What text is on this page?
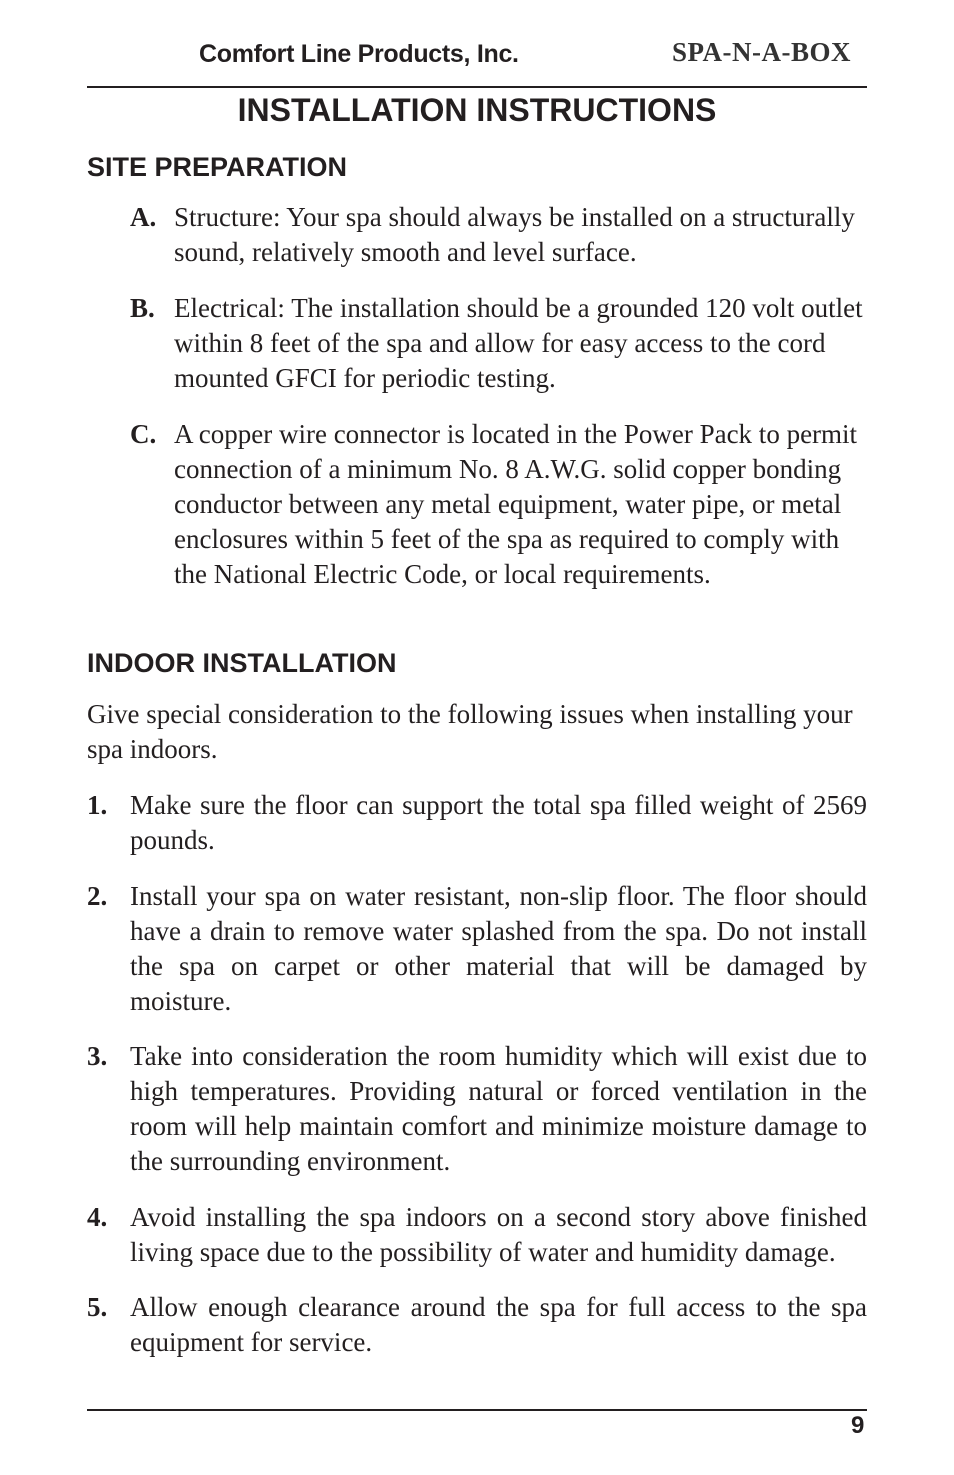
Comfort Line Products, Inc.	SPA-N-A-BOX
INSTALLATION INSTRUCTIONS
SITE PREPARATION
A. Structure: Your spa should always be installed on a structurally sound, relatively smooth and level surface.
B. Electrical: The installation should be a grounded 120 volt outlet within 8 feet of the spa and allow for easy access to the cord mounted GFCI for periodic testing.
C. A copper wire connector is located in the Power Pack to permit connection of a minimum No. 8 A.W.G. solid copper bonding conductor between any metal equipment, water pipe, or metal enclosures within 5 feet of the spa as required to comply with the National Electric Code, or local requirements.
INDOOR INSTALLATION
Give special consideration to the following issues when installing your spa indoors.
1. Make sure the floor can support the total spa filled weight of 2569 pounds.
2. Install your spa on water resistant, non-slip floor. The floor should have a drain to remove water splashed from the spa. Do not install the spa on carpet or other material that will be damaged by moisture.
3. Take into consideration the room humidity which will exist due to high temperatures. Providing natural or forced ventilation in the room will help maintain comfort and minimize moisture damage to the surrounding environment.
4. Avoid installing the spa indoors on a second story above finished living space due to the possibility of water and humidity damage.
5. Allow enough clearance around the spa for full access to the spa equipment for service.
9
